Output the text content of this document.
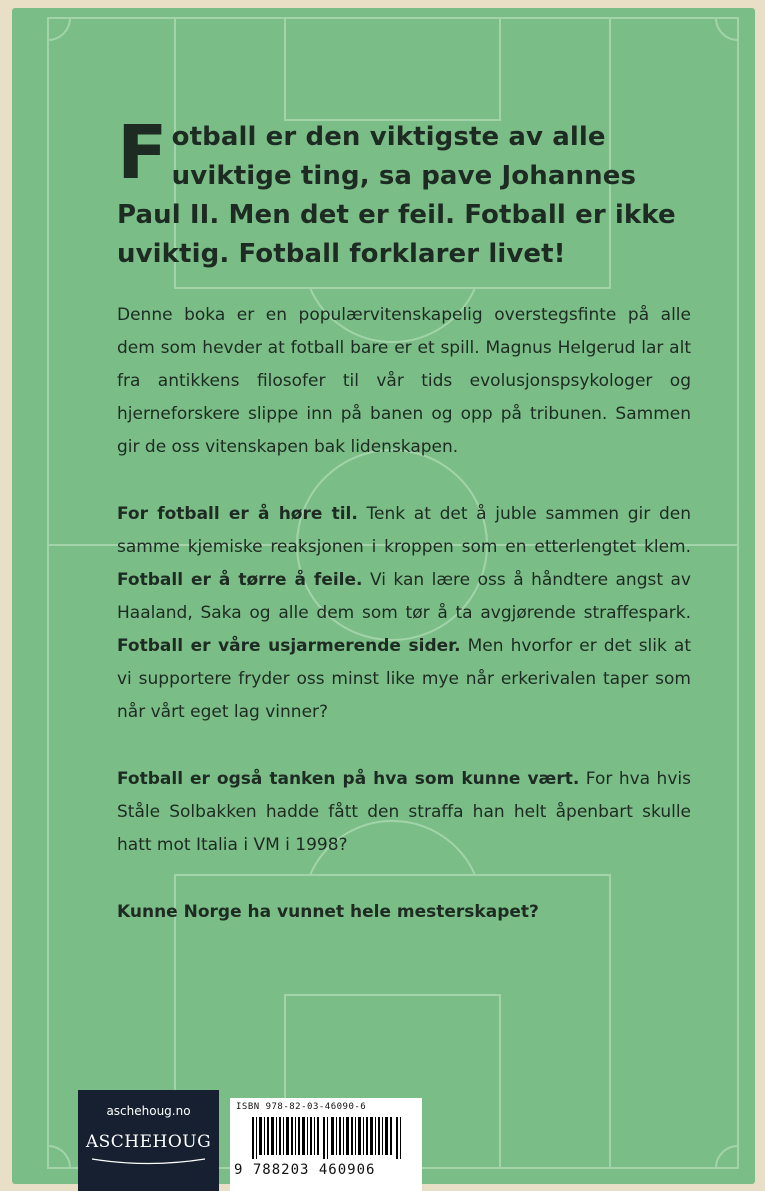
Fotball er den viktigste av alle uviktige ting, sa pave Johannes Paul II. Men det er feil. Fotball er ikke uviktig. Fotball forklarer livet!

Denne boka er en populærvitenskapelig overstegsfinte på alle dem som hevder at fotball bare er et spill. Magnus Helgerud lar alt fra antikkens filosofer til vår tids evolusjonspsykologer og hjerneforskere slippe inn på banen og opp på tribunen. Sammen gir de oss vitenskapen bak lidenskapen.

For fotball er å høre til. Tenk at det å juble sammen gir den samme kjemiske reaksjonen i kroppen som en etterlengtet klem. Fotball er å tørre å feile. Vi kan lære oss å håndtere angst av Haaland, Saka og alle dem som tør å ta avgjørende straffespark. Fotball er våre usjarmerende sider. Men hvorfor er det slik at vi supportere fryder oss minst like mye når erkerivalen taper som når vårt eget lag vinner?

Fotball er også tanken på hva som kunne vært. For hva hvis Ståle Solbakken hadde fått den straffa han helt åpenbart skulle hatt mot Italia i VM i 1998?

Kunne Norge ha vunnet hele mesterskapet?

aschehoug.no
ASCHEHOUG
ISBN 978-82-03-46090-6
9 788203 460906
